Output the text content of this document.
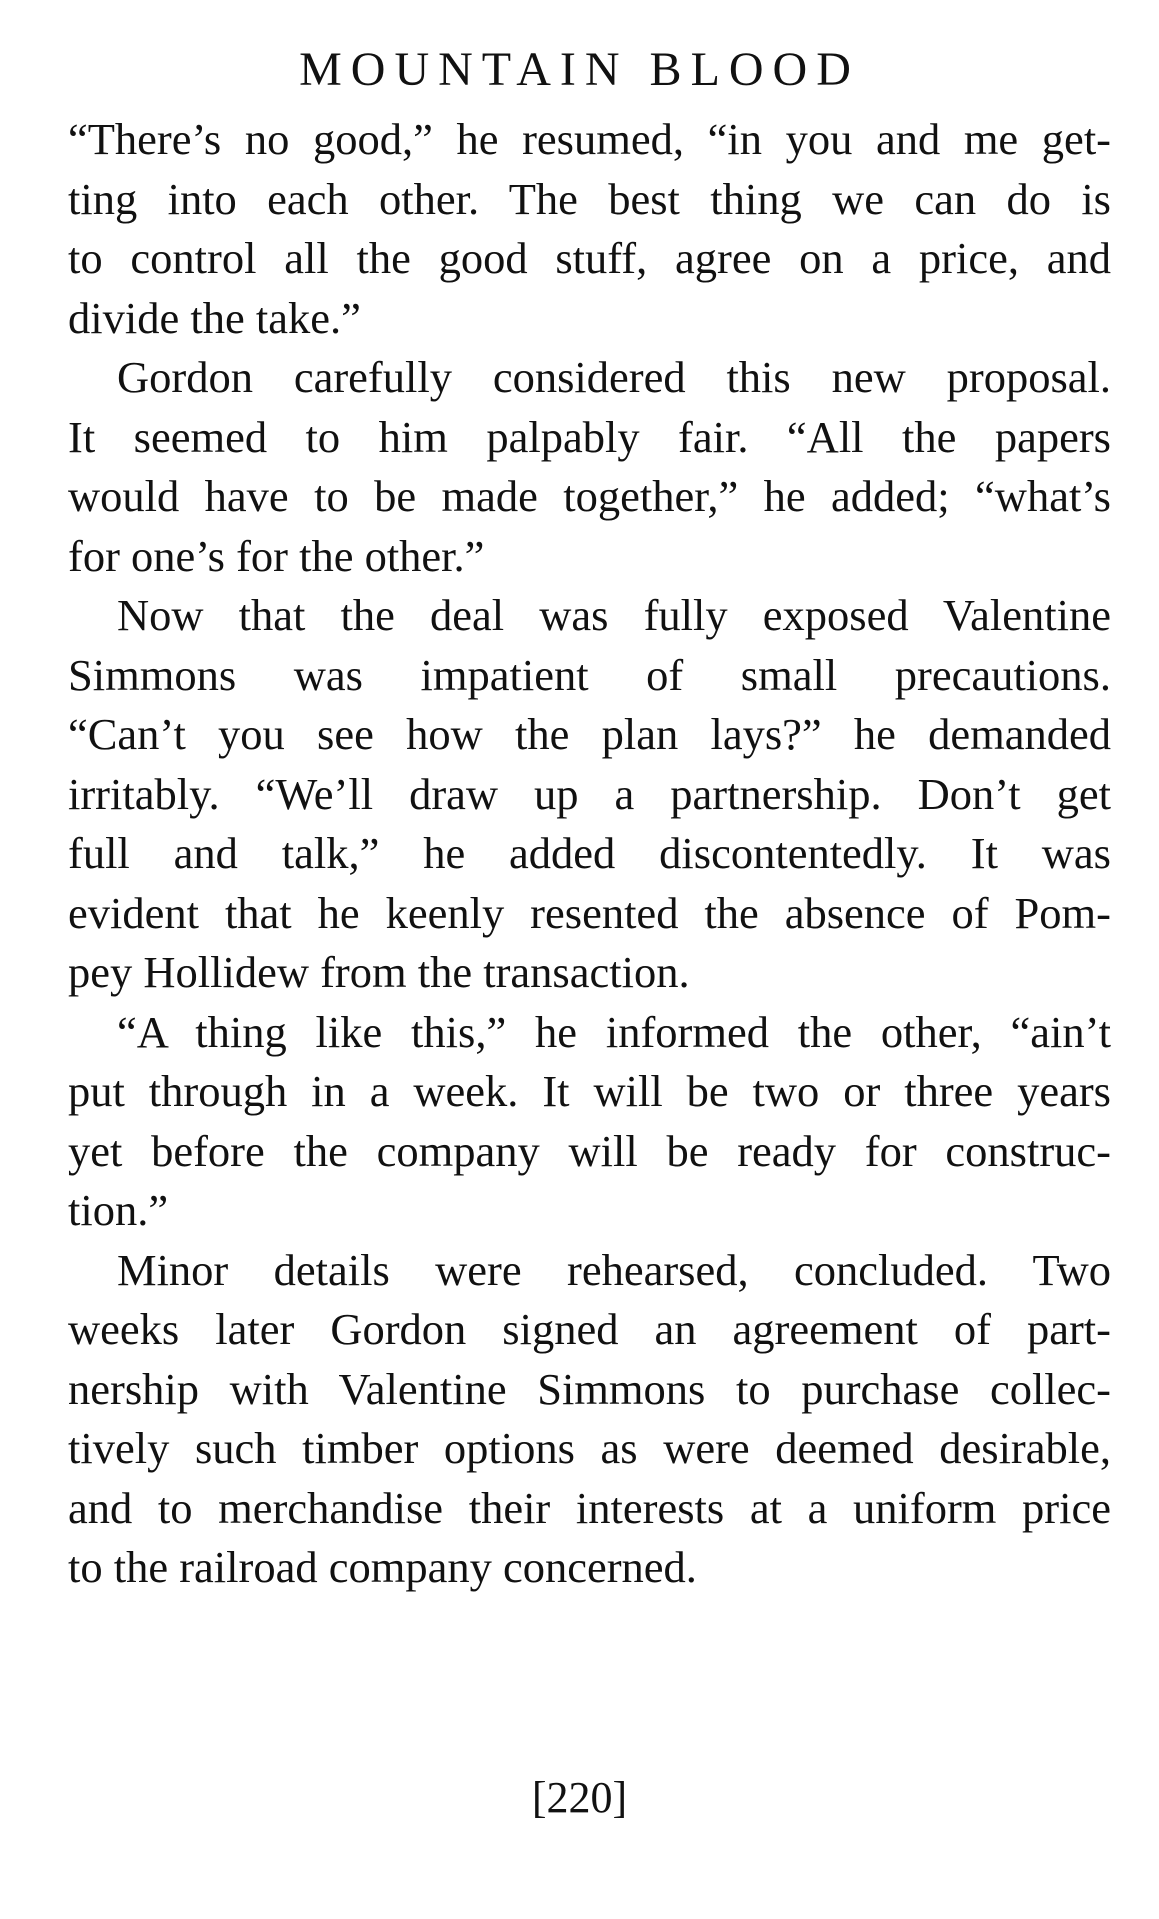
MOUNTAIN BLOOD
“There’s no good,” he resumed, “in you and me get-
ting into each other. The best thing we can do is
to control all the good stuff, agree on a price, and
divide the take.”
Gordon carefully considered this new proposal.
It seemed to him palpably fair. “All the papers
would have to be made together,” he added; “what’s
for one’s for the other.”
Now that the deal was fully exposed Valentine
Simmons was impatient of small precautions.
“Can’t you see how the plan lays?” he demanded
irritably. “We’ll draw up a partnership. Don’t get
full and talk,” he added discontentedly. It was
evident that he keenly resented the absence of Pom-
pey Hollidew from the transaction.
“A thing like this,” he informed the other, “ain’t
put through in a week. It will be two or three years
yet before the company will be ready for construc-
tion.”
Minor details were rehearsed, concluded. Two
weeks later Gordon signed an agreement of part-
nership with Valentine Simmons to purchase collec-
tively such timber options as were deemed desirable,
and to merchandise their interests at a uniform price
to the railroad company concerned.
[220]
